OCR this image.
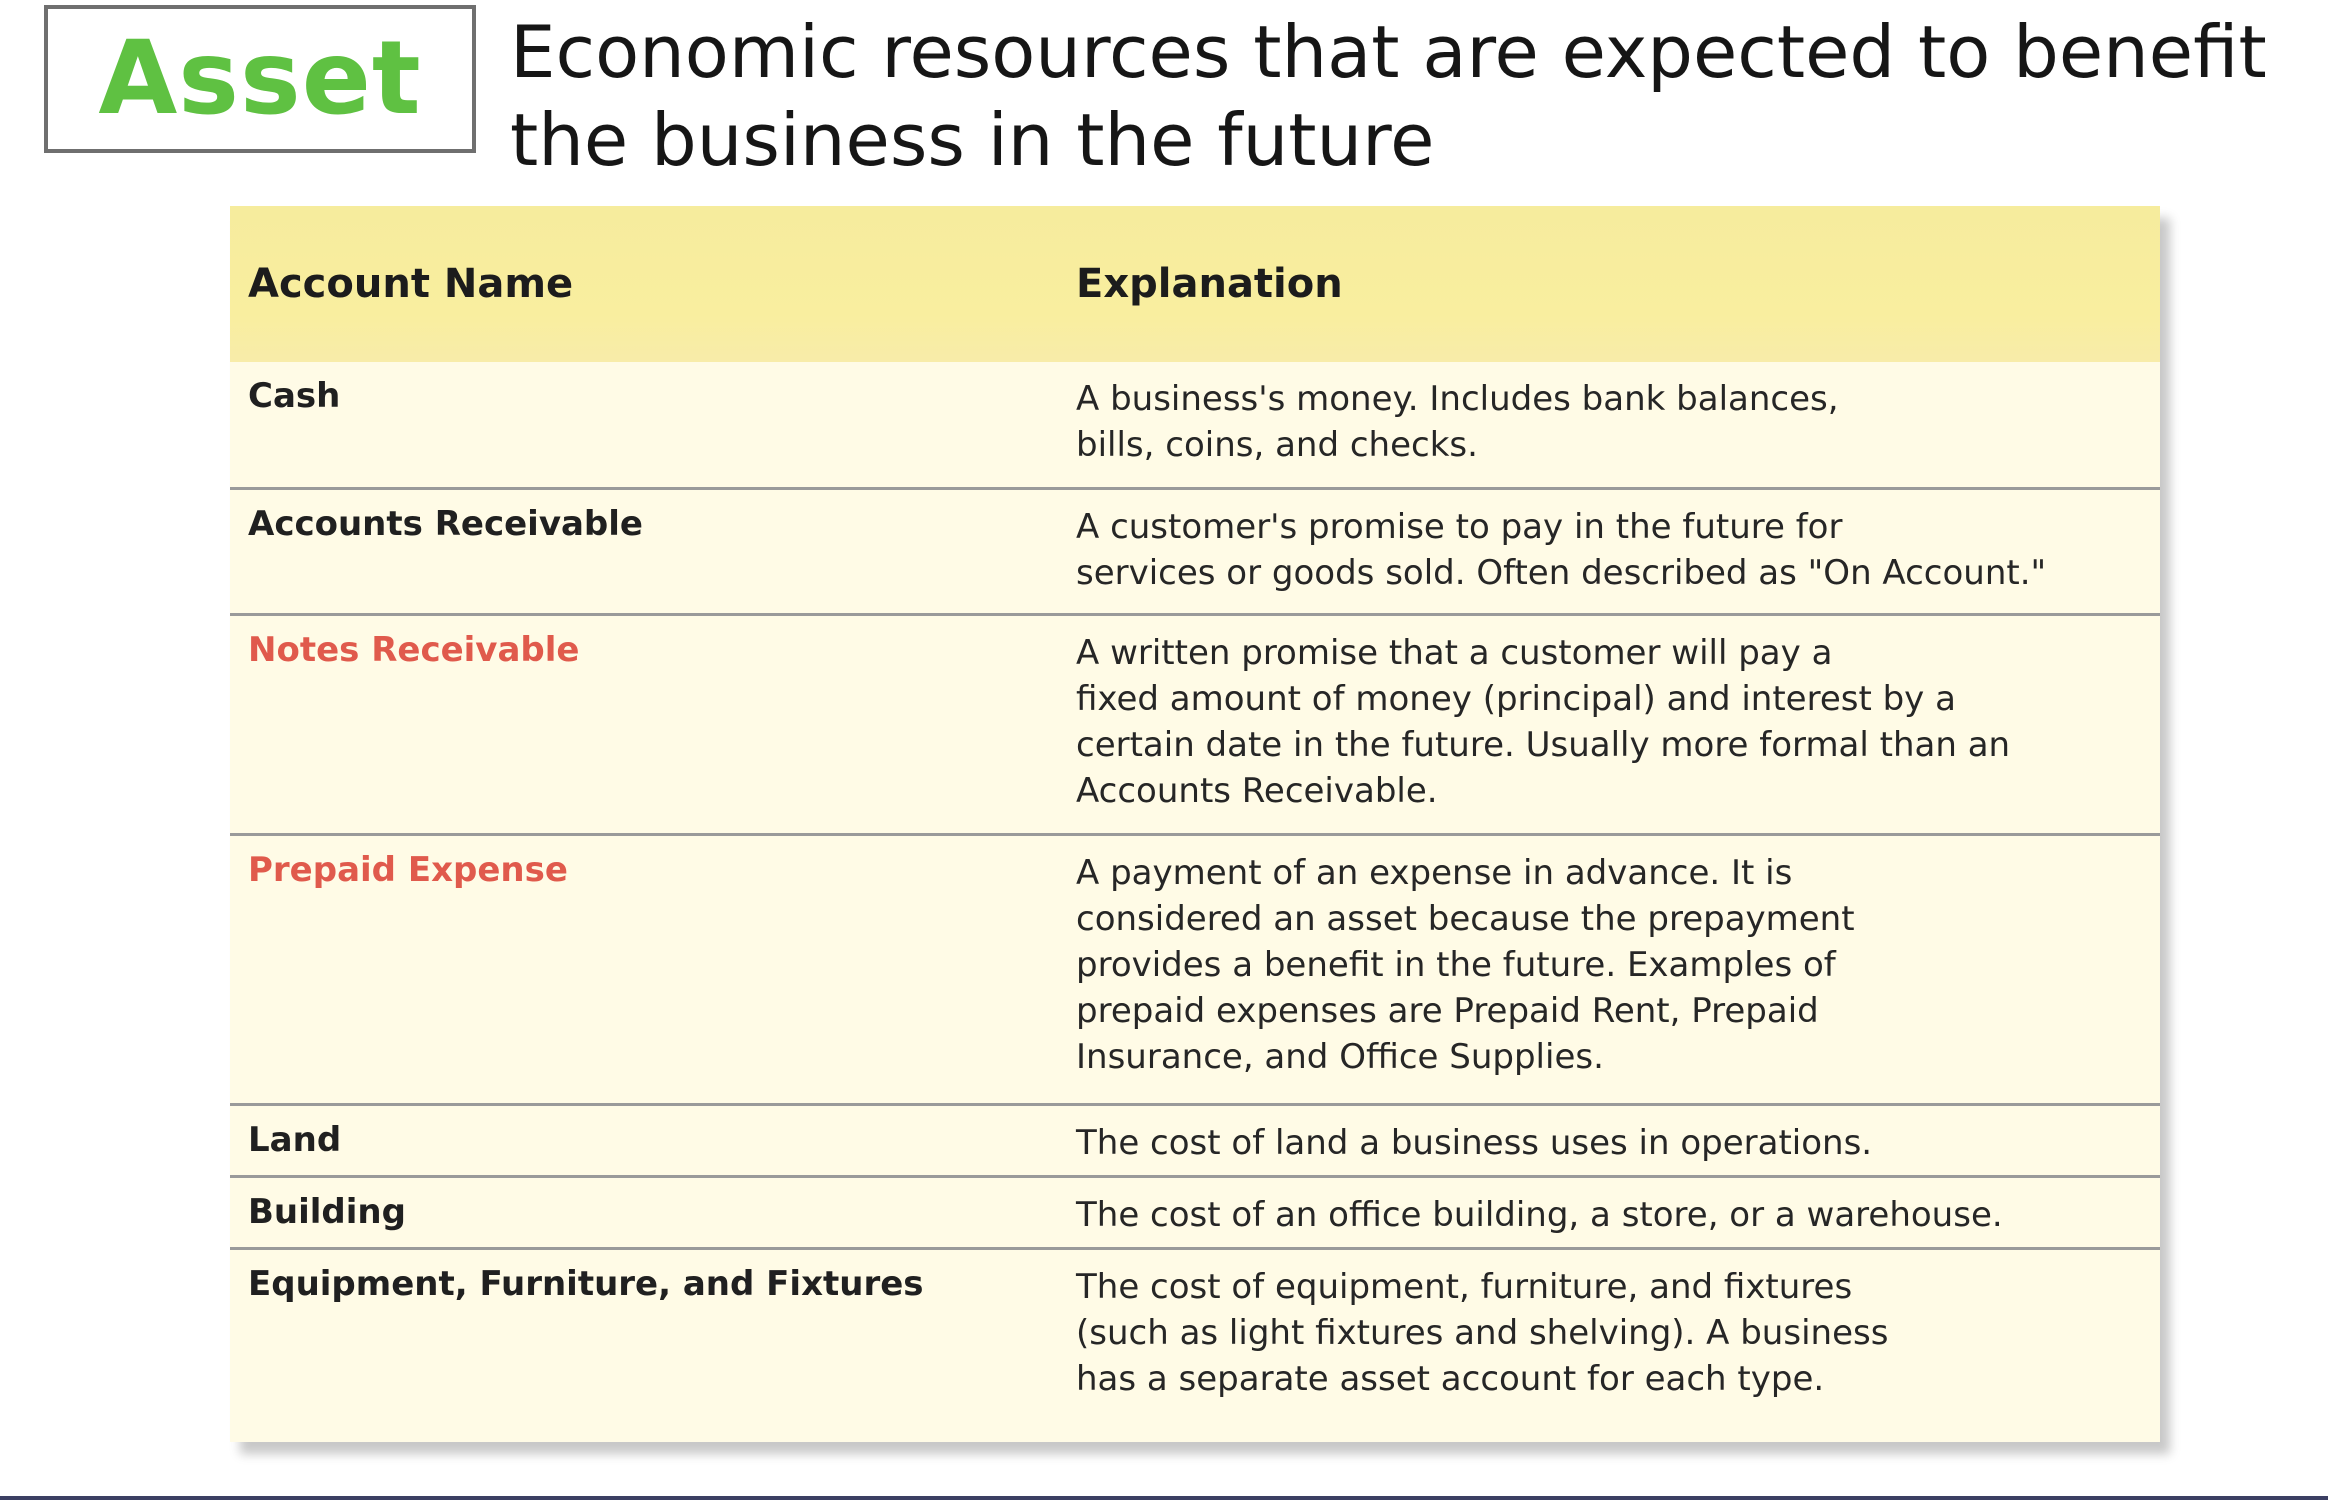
Asset Economic resources that are expected to benefit
the business in the future
Account Name	Explanation
Cash	A business's money. Includes bank balances,
bills, coins, and checks.
Accounts Receivable	A customer's promise to pay in the future for
services or goods sold. Often described as "On Account."
Notes Receivable	A written promise that a customer will pay a
fixed amount of money (principal) and interest by a
certain date in the future. Usually more formal than an
Accounts Receivable.
Prepaid Expense	A payment of an expense in advance. It is
considered an asset because the prepayment
provides a benefit in the future. Examples of
prepaid expenses are Prepaid Rent, Prepaid
Insurance, and Office Supplies.
Land	The cost of land a business uses in operations.
Building	The cost of an office building, a store, or a warehouse.
Equipment, Furniture, and Fixtures	The cost of equipment, furniture, and fixtures
(such as light fixtures and shelving). A business
has a separate asset account for each type.
